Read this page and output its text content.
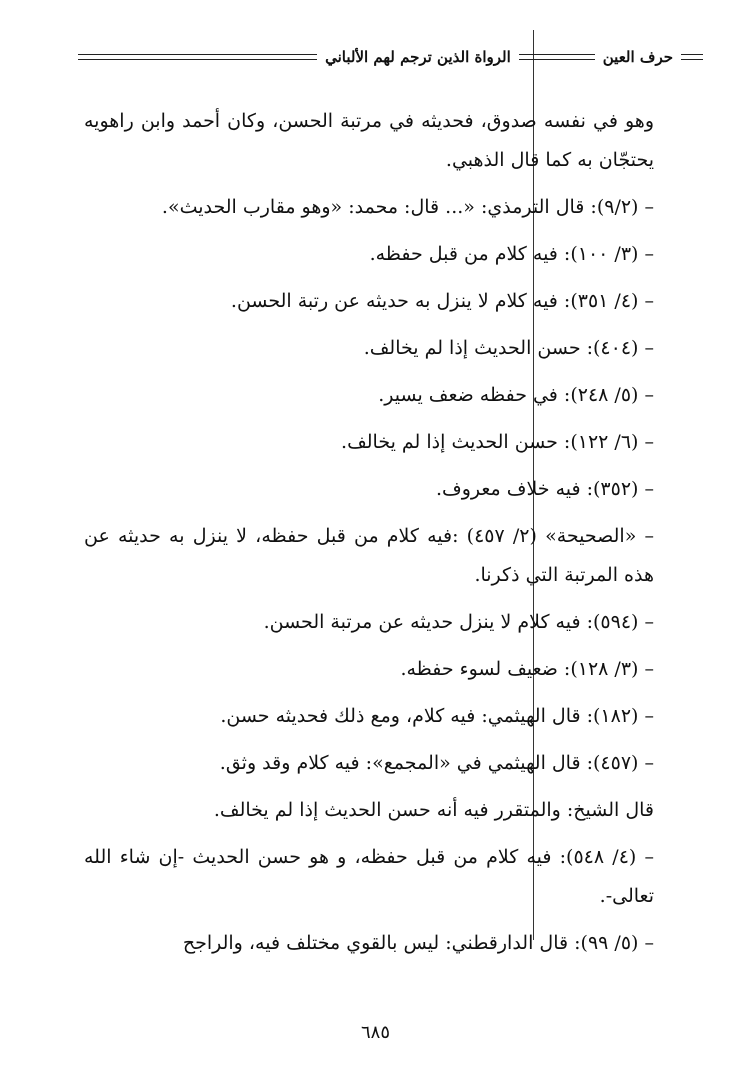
حرف العين
الرواة الذين ترجم لهم الألباني

وهو في نفسه صدوق، فحديثه في مرتبة الحسن، وكان أحمد وابن راهويه يحتجّان به كما قال الذهبي.

– (٩/٢): قال الترمذي: «... قال: محمد: «وهو مقارب الحديث».

– (٣/ ١٠٠): فيه كلام من قبل حفظه.

– (٤/ ٣٥١): فيه كلام لا ينزل به حديثه عن رتبة الحسن.

– (٤٠٤): حسن الحديث إذا لم يخالف.

– (٥/ ٢٤٨): في حفظه ضعف يسير.

– (٦/ ١٢٢): حسن الحديث إذا لم يخالف.

– (٣٥٢): فيه خلاف معروف.

– «الصحيحة» (٢/ ٤٥٧) :فيه كلام من قبل حفظه، لا ينزل به حديثه عن هذه المرتبة التي ذكرنا.

– (٥٩٤): فيه كلام لا ينزل حديثه عن مرتبة الحسن.

– (٣/ ١٢٨): ضعيف لسوء حفظه.

– (١٨٢): قال الهيثمي: فيه كلام، ومع ذلك فحديثه حسن.

– (٤٥٧): قال الهيثمي في «المجمع»: فيه كلام وقد وثق.

قال الشيخ: والمتقرر فيه أنه حسن الحديث إذا لم يخالف.

– (٤/ ٥٤٨): فيه كلام من قبل حفظه، و هو حسن الحديث -إن شاء الله تعالى-.

– (٥/ ٩٩): قال الدارقطني: ليس بالقوي مختلف فيه، والراجح

٦٨٥
